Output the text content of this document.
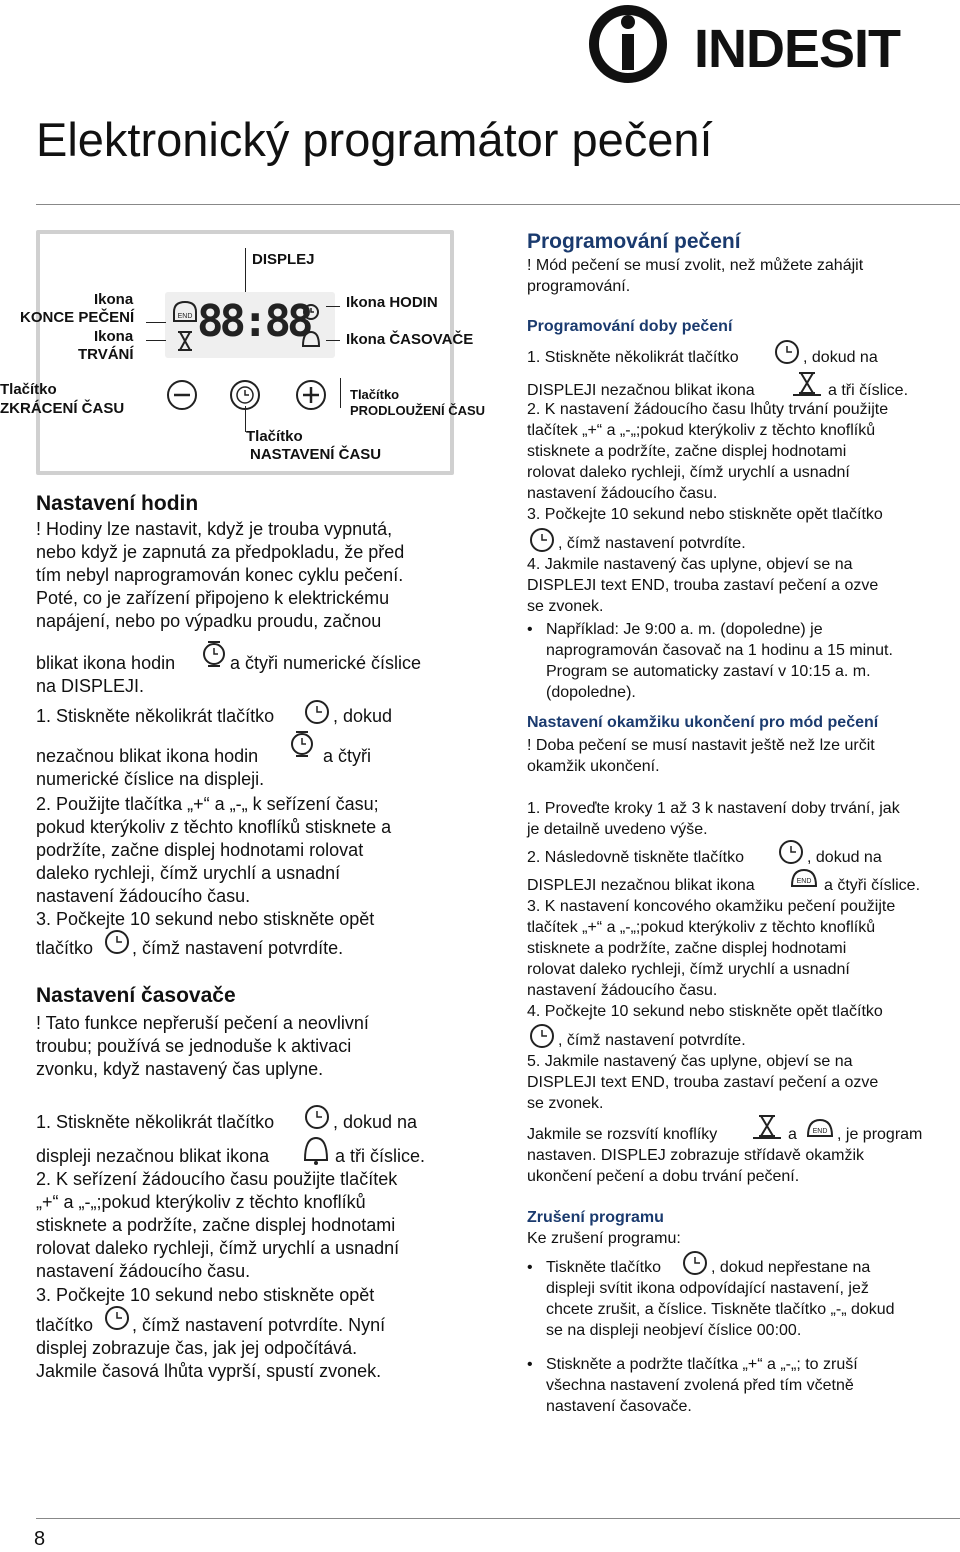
INDESIT
Elektronický programátor pečení
88:88
END
DISPLEJ
Ikona
KONCE PEČENÍ
Ikona
TRVÁNÍ
Ikona HODIN
Ikona ČASOVAČE
Tlačítko
ZKRÁCENÍ ČASU
Tlačítko
PRODLOUŽENÍ ČASU
Tlačítko
NASTAVENÍ ČASU
Nastavení hodin
! Hodiny lze nastavit, když je trouba vypnutá,
nebo když je zapnutá za předpokladu, že před
tím nebyl naprogramován konec cyklu pečení.
Poté, co je zařízení připojeno k elektrickému
napájení, nebo po výpadku proudu, začnou
blikat ikona hodin	a čtyři numerické číslice
na DISPLEJI.
1. Stiskněte několikrát tlačítko	, dokud
nezačnou blikat ikona hodin	a čtyři
numerické číslice na displeji.
2. Použijte tlačítka „+“ a „-„ k seřízení času;
pokud kterýkoliv z těchto knoflíků stisknete a
podržíte, začne displej hodnotami rolovat
daleko rychleji, čímž urychlí a usnadní
nastavení žádoucího času.
3. Počkejte 10 sekund nebo stiskněte opět
tlačítko , čímž nastavení potvrdíte.
Nastavení časovače
! Tato funkce nepřeruší pečení a neovlivní
troubu; používá se jednoduše k aktivaci
zvonku, když nastavený čas uplyne.
1. Stiskněte několikrát tlačítko	, dokud na
displeji nezačnou blikat ikona	a tři číslice.
2. K seřízení žádoucího času použijte tlačítek
„+“ a „-„;pokud kterýkoliv z těchto knoflíků
stisknete a podržíte, začne displej hodnotami
rolovat daleko rychleji, čímž urychlí a usnadní
nastavení žádoucího času.
3. Počkejte 10 sekund nebo stiskněte opět
tlačítko , čímž nastavení potvrdíte. Nyní
displej zobrazuje čas, jak jej odpočítává.
Jakmile časová lhůta vyprší, spustí zvonek.
Programování pečení
! Mód pečení se musí zvolit, než můžete zahájit
programování.
Programování doby pečení
1. Stiskněte několikrát tlačítko	, dokud na
DISPLEJI nezačnou blikat ikona	a tři číslice.
2. K nastavení žádoucího času lhůty trvání použijte
tlačítek „+“ a „-„;pokud kterýkoliv z těchto knoflíků
stisknete a podržíte, začne displej hodnotami
rolovat daleko rychleji, čímž urychlí a usnadní
nastavení žádoucího času.
3. Počkejte 10 sekund nebo stiskněte opět tlačítko
, čímž nastavení potvrdíte.
4. Jakmile nastavený čas uplyne, objeví se na
DISPLEJI text END, trouba zastaví pečení a ozve
se zvonek.
• Například: Je 9:00 a. m. (dopoledne) je
naprogramován časovač na 1 hodinu a 15 minut.
Program se automaticky zastaví v 10:15 a. m.
(dopoledne).
Nastavení okamžiku ukončení pro mód pečení
! Doba pečení se musí nastavit ještě než lze určit
okamžik ukončení.
1. Proveďte kroky 1 až 3 k nastavení doby trvání, jak
je detailně uvedeno výše.
2. Následovně tiskněte tlačítko	, dokud na
DISPLEJI nezačnou blikat ikona	END a čtyři číslice.
3. K nastavení koncového okamžiku pečení použijte
tlačítek „+“ a „-„;pokud kterýkoliv z těchto knoflíků
stisknete a podržíte, začne displej hodnotami
rolovat daleko rychleji, čímž urychlí a usnadní
nastavení žádoucího času.
4. Počkejte 10 sekund nebo stiskněte opět tlačítko
, čímž nastavení potvrdíte.
5. Jakmile nastavený čas uplyne, objeví se na
DISPLEJI text END, trouba zastaví pečení a ozve
se zvonek.
Jakmile se rozsvítí knoflíky	a END , je program
nastaven. DISPLEJ zobrazuje střídavě okamžik
ukončení pečení a dobu trvání pečení.
Zrušení programu
Ke zrušení programu:
• Tiskněte tlačítko	, dokud nepřestane na
displeji svítit ikona odpovídající nastavení, jež
chcete zrušit, a číslice. Tiskněte tlačítko „-„ dokud
se na displeji neobjeví číslice 00:00.
• Stiskněte a podržte tlačítka „+“ a „-„; to zruší
všechna nastavení zvolená před tím včetně
nastavení časovače.
8
